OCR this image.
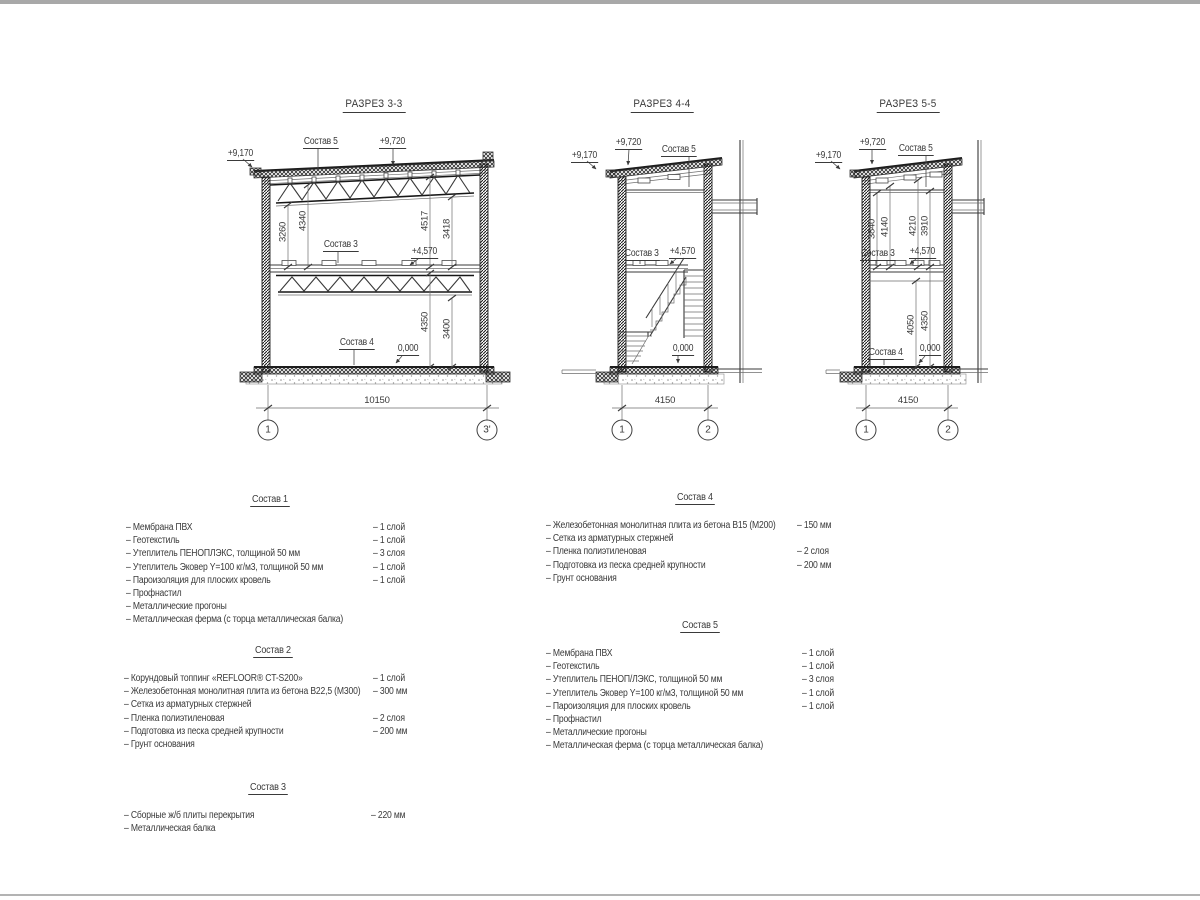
РАЗРЕЗ 3-3
+9,170
Состав 5	+9,720
Состав 3
+4,570
Состав 4
0,000
3260
4340	4517 3418
4350 3400
10150
1	3'
РАЗРЕЗ 4-4
+9,170
+9,720
Состав 5
Состав 3 +4,570
0,000
4150
1	2
РАЗРЕЗ 5-5
+9,170
+9,720
Состав 5
3840 4140 4210 3910
Состав 3 +4,570
4050 4350
Состав 4 0,000
4150
1	2
Состав 1
– Мембрана ПВХ	– 1 слой
– Геотекстиль	– 1 слой
– Утеплитель ПЕНОПЛЭКС, толщиной 50 мм	– 3 слоя
– Утеплитель Эковер Y=100 кг/м3, толщиной 50 мм	– 1 слой
– Пароизоляция для плоских кровель	– 1 слой
– Профнастил
– Металлические прогоны
– Металлическая ферма (с торца металлическая балка)
Состав 2
– Корундовый топпинг «REFLOOR® CT-S200»	– 1 слой
– Железобетонная монолитная плита из бетона В22,5 (М300) – 300 мм
– Сетка из арматурных стержней
– Пленка полиэтиленовая	– 2 слоя
– Подготовка из песка средней крупности	– 200 мм
– Грунт основания
Состав 3
– Сборные ж/б плиты перекрытия	– 220 мм
– Металлическая балка
Состав 4
– Железобетонная монолитная плита из бетона В15 (М200) – 150 мм
– Сетка из арматурных стержней
– Пленка полиэтиленовая	– 2 слоя
– Подготовка из песка средней крупности	– 200 мм
– Грунт основания
Состав 5
– Мембрана ПВХ	– 1 слой
– Геотекстиль	– 1 слой
– Утеплитель ПЕНОП/ЛЭКС, толщиной 50 мм	– 3 слоя
– Утеплитель Эковер Y=100 кг/м3, толщиной 50 мм	– 1 слой
– Пароизоляция для плоских кровель	– 1 слой
– Профнастил
– Металлические прогоны
– Металлическая ферма (с торца металлическая балка)
